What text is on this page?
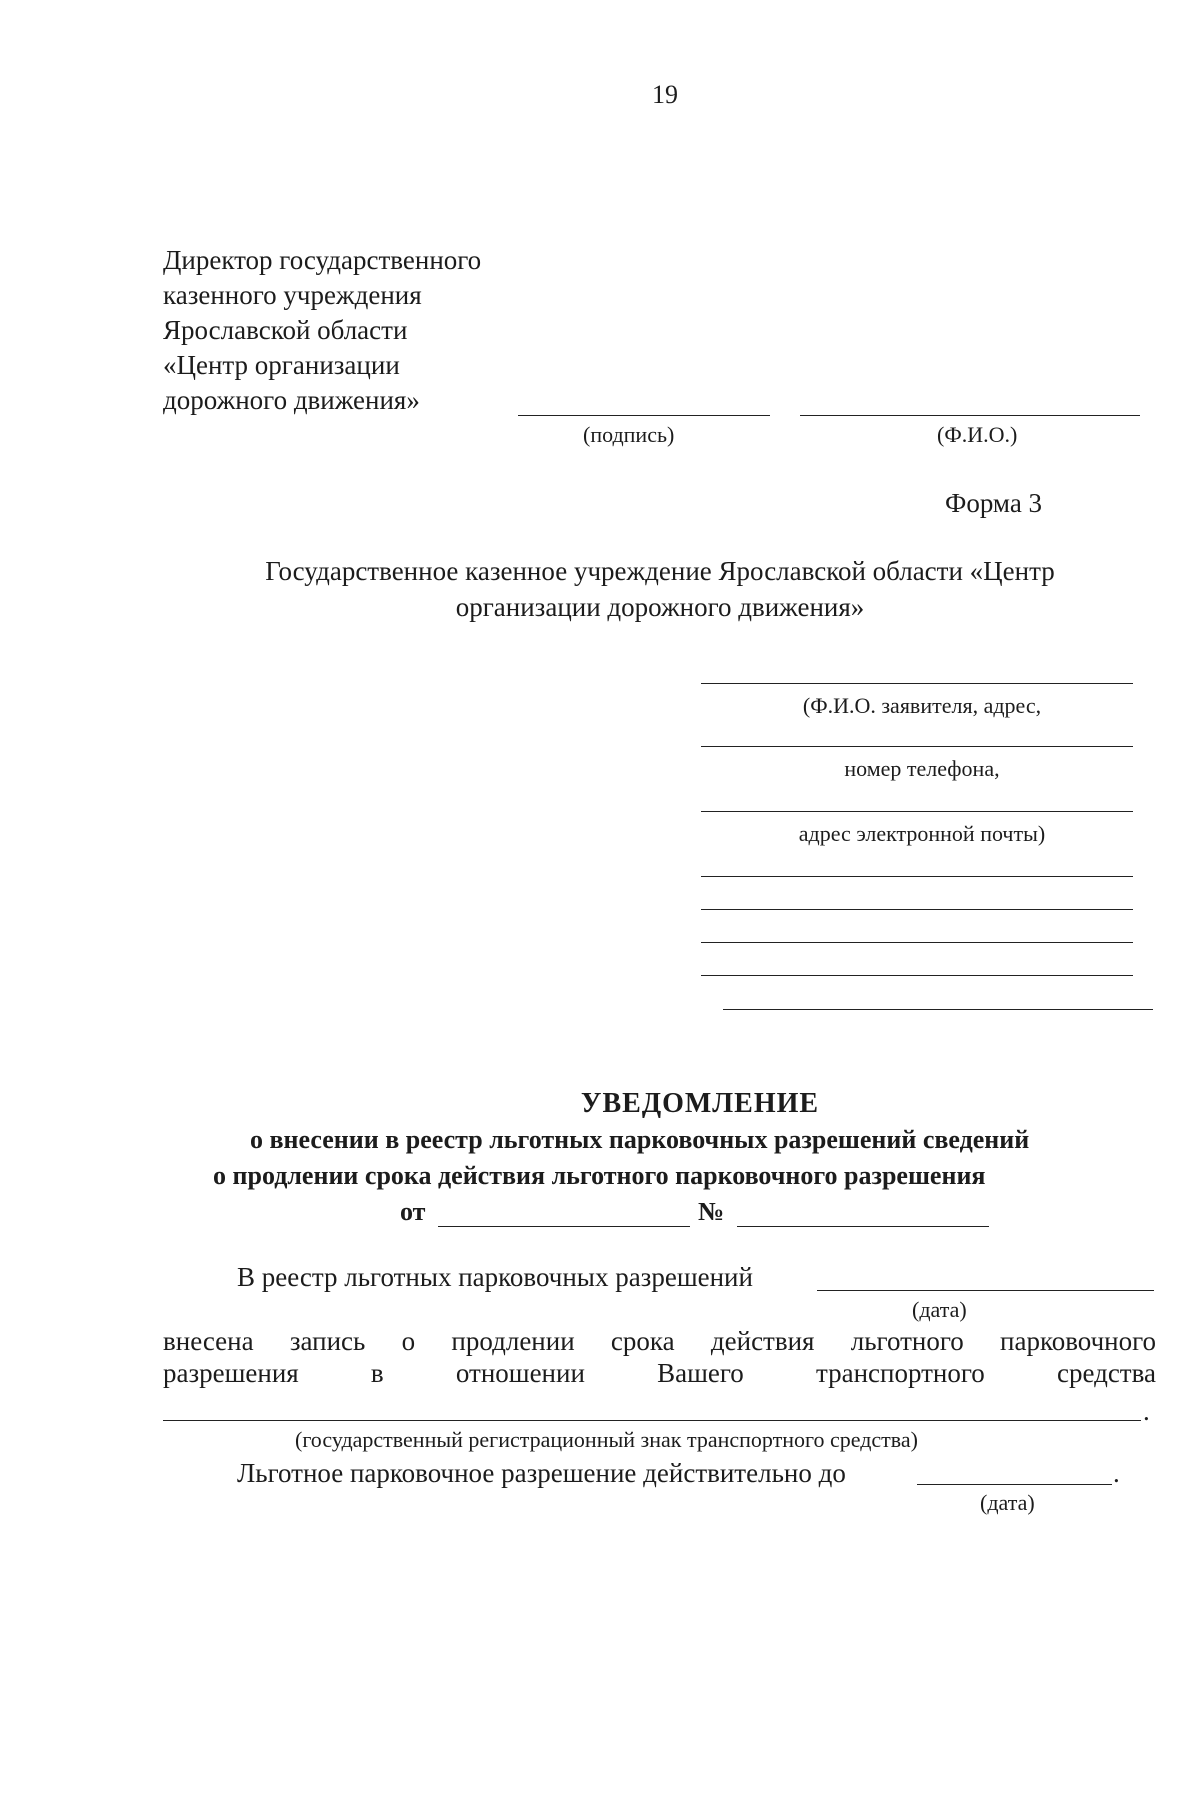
19
Директор государственного
казенного учреждения
Ярославской области
«Центр организации
дорожного движения»
(подпись)	(Ф.И.О.)
Форма 3
Государственное казенное учреждение Ярославской области «Центр
организации дорожного движения»
(Ф.И.О. заявителя, адрес,
номер телефона,
адрес электронной почты)
УВЕДОМЛЕНИЕ
о внесении в реестр льготных парковочных разрешений сведений
о продлении срока действия льготного парковочного разрешения
от	№
В реестр льготных парковочных разрешений
(дата)
внесена запись о продлении срока действия льготного парковочного
разрешения в отношении Вашего транспортного средства
.
(государственный регистрационный знак транспортного средства)
Льготное парковочное разрешение действительно до	.
(дата)
